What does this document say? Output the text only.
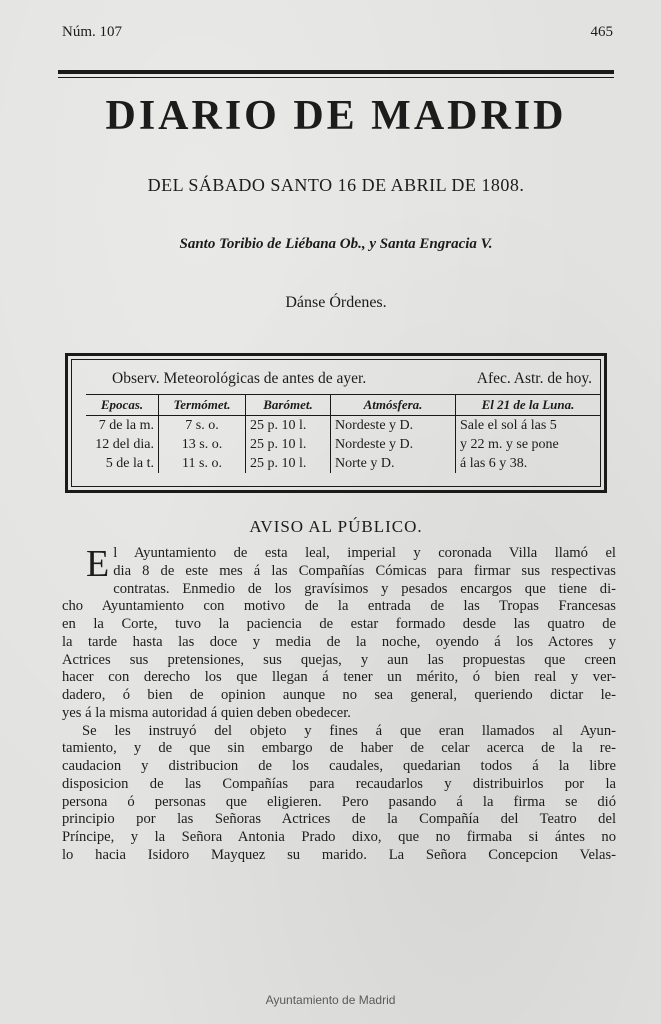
Núm. 107	465
DIARIO DE MADRID
DEL SÁBADO SANTO 16 DE ABRIL DE 1808.
Santo Toribio de Liébana Ob., y Santa Engracia V.
Dánse Órdenes.
Observ. Meteorológicas de antes de ayer.	Afec. Astr. de hoy.
Epocas.	Termómet.	Barómet.	Atmósfera.	El 21 de la Luna.
7 de la m.	7 s. o.	25 p. 10 l.	Nordeste y D.	Sale el sol á las 5
12 del dia.	13 s. o.	25 p. 10 l.	Nordeste y D.	y 22 m. y se pone
5 de la t.	11 s. o.	25 p. 10 l.	Norte y D.	á las 6 y 38.
AVISO AL PÚBLICO.
E l Ayuntamiento de esta leal, imperial y coronada Villa llamó el
dia 8 de este mes á las Compañías Cómicas para firmar sus respectivas
contratas. Enmedio de los gravísimos y pesados encargos que tiene di-
cho Ayuntamiento con motivo de la entrada de las Tropas Francesas
en la Corte, tuvo la paciencia de estar formado desde las quatro de
la tarde hasta las doce y media de la noche, oyendo á los Actores y
Actrices sus pretensiones, sus quejas, y aun las propuestas que creen
hacer con derecho los que llegan á tener un mérito, ó bien real y ver-
dadero, ó bien de opinion aunque no sea general, queriendo dictar le-
yes á la misma autoridad á quien deben obedecer.
Se les instruyó del objeto y fines á que eran llamados al Ayun-
tamiento, y de que sin embargo de haber de celar acerca de la re-
caudacion y distribucion de los caudales, quedarian todos á la libre
disposicion de las Compañías para recaudarlos y distribuirlos por la
persona ó personas que eligieren. Pero pasando á la firma se dió
principio por las Señoras Actrices de la Compañía del Teatro del
Príncipe, y la Señora Antonia Prado dixo, que no firmaba si ántes no
lo hacia Isidoro Mayquez su marido. La Señora Concepcion Velas-
Ayuntamiento de Madrid
